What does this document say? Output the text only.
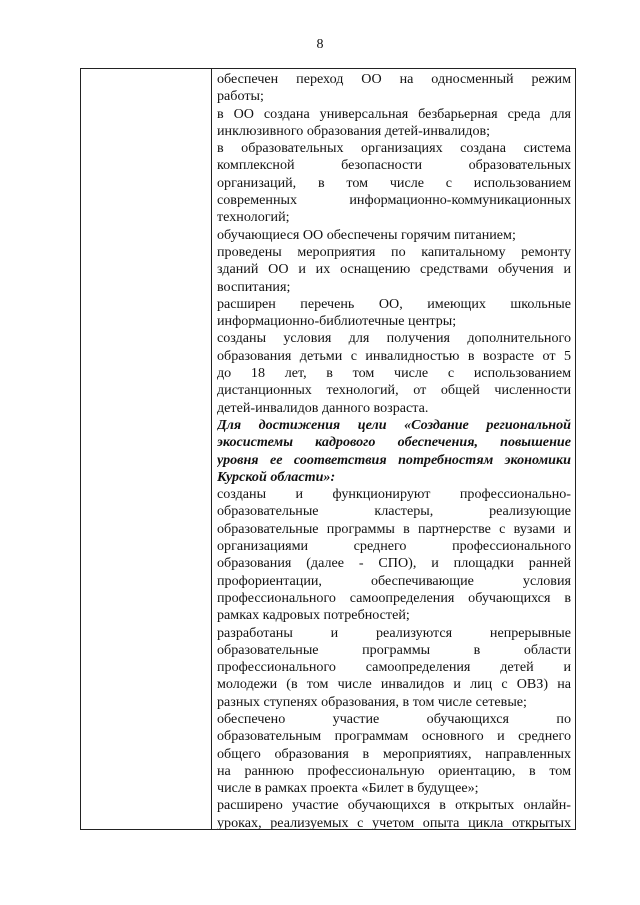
8
обеспечен переход ОО на односменный режим
работы;
в ОО создана универсальная безбарьерная среда для
инклюзивного образования детей-инвалидов;
в образовательных организациях создана система
комплексной безопасности образовательных
организаций, в том числе с использованием
современных информационно-коммуникационных
технологий;
обучающиеся ОО обеспечены горячим питанием;
проведены мероприятия по капитальному ремонту
зданий ОО и их оснащению средствами обучения и
воспитания;
расширен перечень ОО, имеющих школьные
информационно-библиотечные центры;
созданы условия для получения дополнительного
образования детьми с инвалидностью в возрасте от 5
до 18 лет, в том числе с использованием
дистанционных технологий, от общей численности
детей-инвалидов данного возраста.
Для достижения цели «Создание региональной
экосистемы кадрового обеспечения, повышение
уровня ее соответствия потребностям экономики
Курской области»:
созданы и функционируют профессионально-
образовательные кластеры, реализующие
образовательные программы в партнерстве с вузами и
организациями среднего профессионального
образования (далее - СПО), и площадки ранней
профориентации, обеспечивающие условия
профессионального самоопределения обучающихся в
рамках кадровых потребностей;
разработаны и реализуются непрерывные
образовательные программы в области
профессионального самоопределения детей и
молодежи (в том числе инвалидов и лиц с ОВЗ) на
разных ступенях образования, в том числе сетевые;
обеспечено участие обучающихся по
образовательным программам основного и среднего
общего образования в мероприятиях, направленных
на раннюю профессиональную ориентацию, в том
числе в рамках проекта «Билет в будущее»;
расширено участие обучающихся в открытых онлайн-
уроках, реализуемых с учетом опыта цикла открытых
